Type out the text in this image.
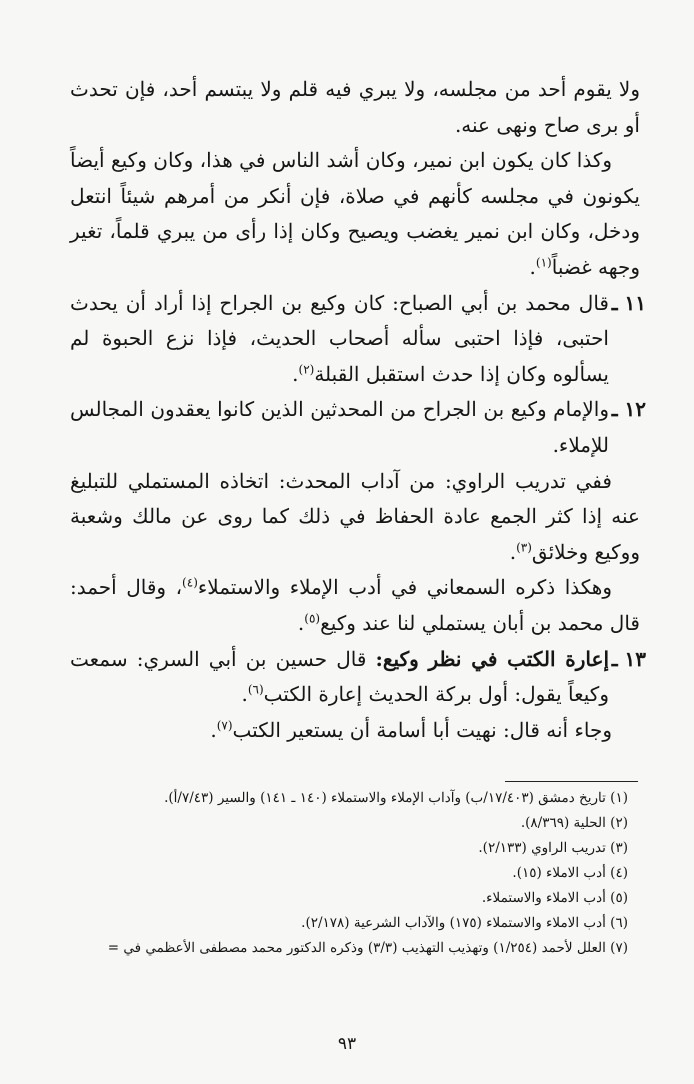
ولا يقوم أحد من مجلسه، ولا يبري فيه قلم ولا يبتسم أحد، فإن تحدث أو برى صاح ونهى عنه.

وكذا كان يكون ابن نمير، وكان أشد الناس في هذا، وكان وكيع أيضاً يكونون في مجلسه كأنهم في صلاة، فإن أنكر من أمرهم شيئاً انتعل ودخل، وكان ابن نمير يغضب ويصيح وكان إذا رأى من يبري قلماً، تغير وجهه غضباً$^{(١)}$.

١١ ـ
قال محمد بن أبي الصباح: كان وكيع بن الجراح إذا أراد أن يحدث احتبى، فإذا احتبى سأله أصحاب الحديث، فإذا نزع الحبوة لم يسألوه وكان إذا حدث استقبل القبلة$^{(٢)}$.

١٢ ـ
والإمام وكيع بن الجراح من المحدثين الذين كانوا يعقدون المجالس للإملاء.

ففي تدريب الراوي: من آداب المحدث: اتخاذه المستملي للتبليغ عنه إذا كثر الجمع عادة الحفاظ في ذلك كما روى عن مالك وشعبة ووكيع وخلائق$^{(٣)}$.

وهكذا ذكره السمعاني في أدب الإملاء والاستملاء$^{(٤)}$، وقال أحمد: قال محمد بن أبان يستملي لنا عند وكيع$^{(٥)}$.

١٣ ـ
إعارة الكتب في نظر وكيع: قال حسين بن أبي السري: سمعت وكيعاً يقول: أول بركة الحديث إعارة الكتب$^{(٦)}$.

وجاء أنه قال: نهيت أبا أسامة أن يستعير الكتب$^{(٧)}$.

(١) تاريخ دمشق (١٧/٤٠٣/ب) وآداب الإملاء والاستملاء (١٤٠ ـ ١٤١) والسير (٧/٤٣/أ).

(٢) الحلية (٨/٣٦٩).

(٣) تدريب الراوي (٢/١٣٣).

(٤) أدب الاملاء (١٥).

(٥) أدب الاملاء والاستملاء.

(٦) أدب الاملاء والاستملاء (١٧٥) والآداب الشرعية (٢/١٧٨).

(٧) العلل لأحمد (١/٢٥٤) وتهذيب التهذيب (٣/٣) وذكره الدكتور محمد مصطفى الأعظمي في =

٩٣
